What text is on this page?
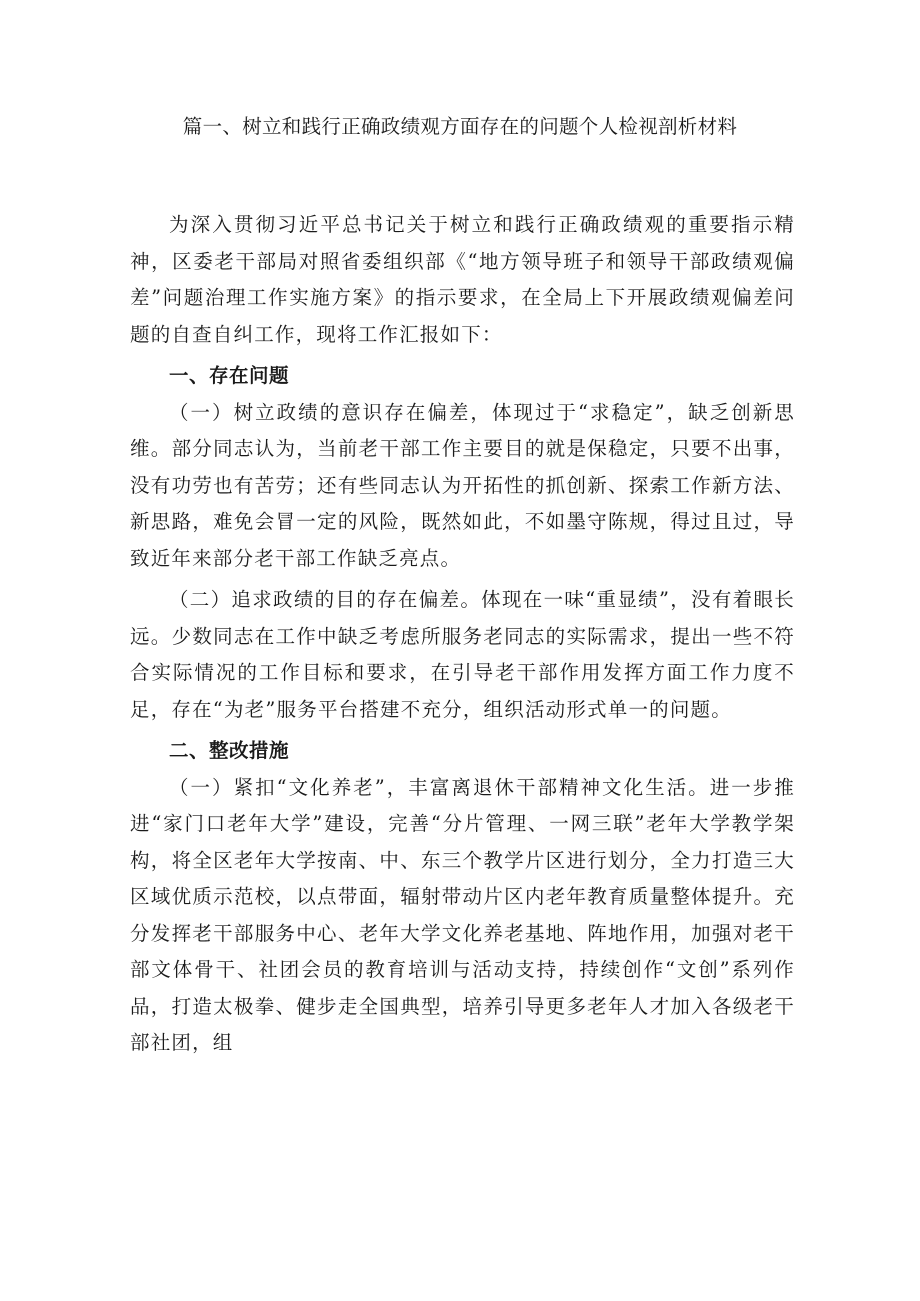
篇一、树立和践行正确政绩观方面存在的问题个人检视剖析材料

为深入贯彻习近平总书记关于树立和践行正确政绩观的重要指示精神，区委老干部局对照省委组织部《“地方领导班子和领导干部政绩观偏差”问题治理工作实施方案》的指示要求，在全局上下开展政绩观偏差问题的自查自纠工作，现将工作汇报如下：

一、存在问题

（一）树立政绩的意识存在偏差，体现过于“求稳定”，缺乏创新思维。部分同志认为，当前老干部工作主要目的就是保稳定，只要不出事，没有功劳也有苦劳；还有些同志认为开拓性的抓创新、探索工作新方法、新思路，难免会冒一定的风险，既然如此，不如墨守陈规，得过且过，导致近年来部分老干部工作缺乏亮点。

（二）追求政绩的目的存在偏差。体现在一味“重显绩”，没有着眼长远。少数同志在工作中缺乏考虑所服务老同志的实际需求，提出一些不符合实际情况的工作目标和要求，在引导老干部作用发挥方面工作力度不足，存在“为老”服务平台搭建不充分，组织活动形式单一的问题。

二、整改措施

（一）紧扣“文化养老”，丰富离退休干部精神文化生活。进一步推进“家门口老年大学”建设，完善“分片管理、一网三联”老年大学教学架构，将全区老年大学按南、中、东三个教学片区进行划分，全力打造三大区域优质示范校，以点带面，辐射带动片区内老年教育质量整体提升。充分发挥老干部服务中心、老年大学文化养老基地、阵地作用，加强对老干部文体骨干、社团会员的教育培训与活动支持，持续创作“文创”系列作品，打造太极拳、健步走全国典型，培养引导更多老年人才加入各级老干部社团，组
